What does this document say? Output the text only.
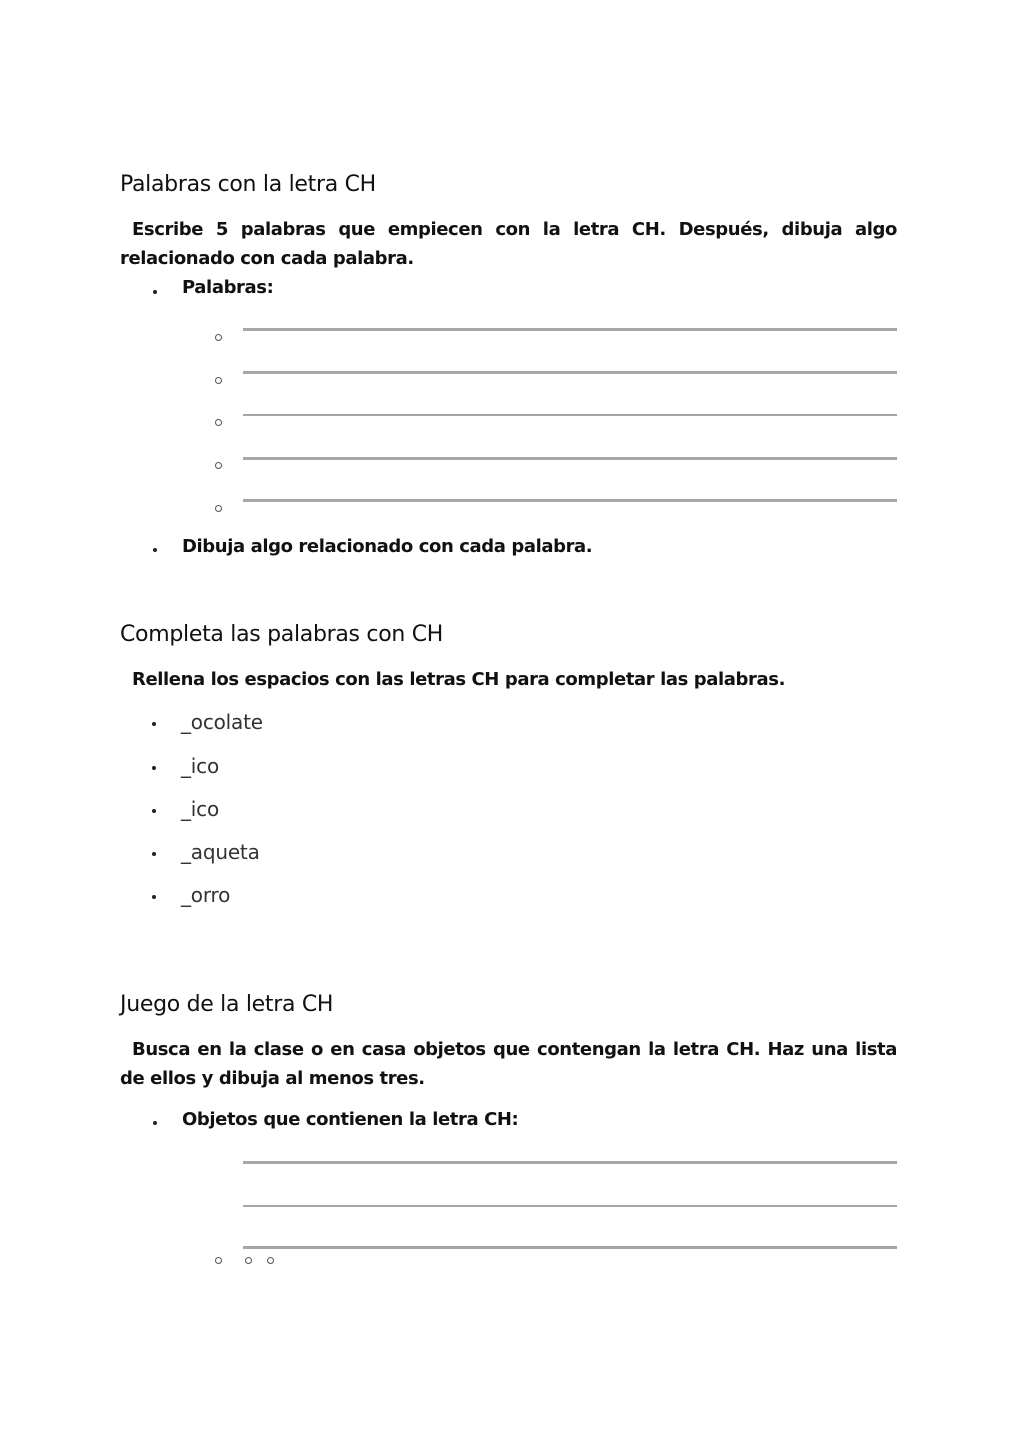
Palabras con la letra CH

Escribe 5 palabras que empiecen con la letra CH. Después, dibuja algo relacionado con cada palabra.

Palabras:
Dibuja algo relacionado con cada palabra.
Completa las palabras con CH

Rellena los espacios con las letras CH para completar las palabras.

_ocolate
_ico
_ico
_aqueta
_orro
Juego de la letra CH

Busca en la clase o en casa objetos que contengan la letra CH. Haz una lista de ellos y dibuja al menos tres.

Objetos que contienen la letra CH:
